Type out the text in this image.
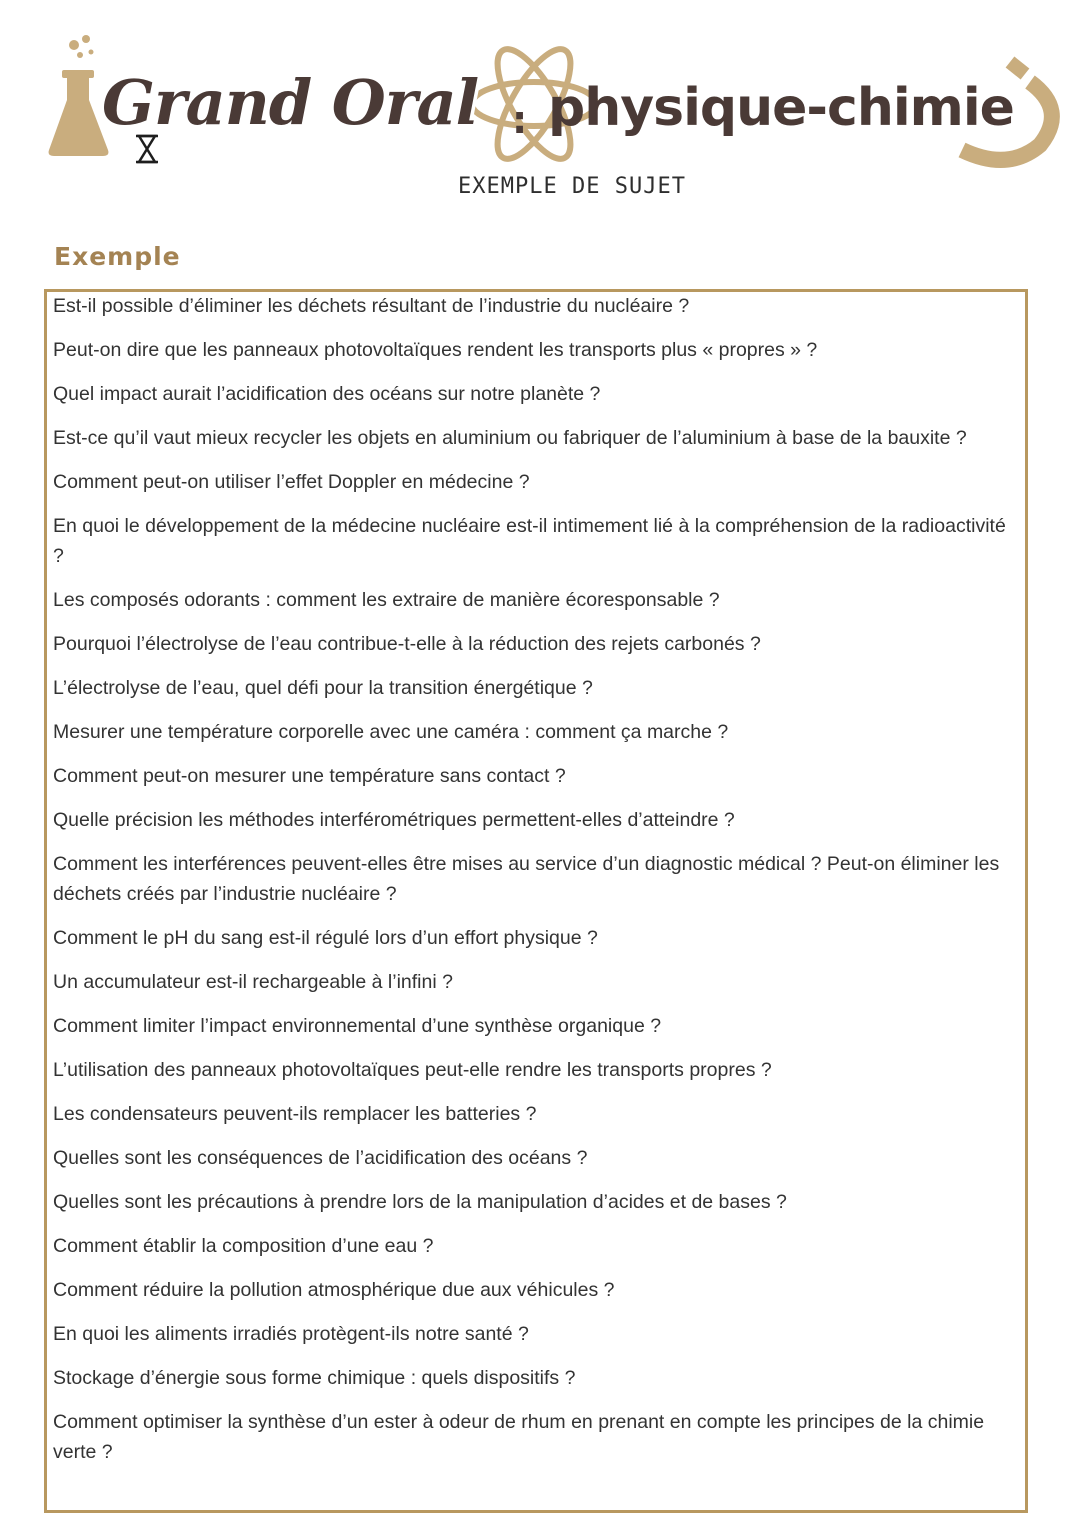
Grand Oral : physique-chimie
EXEMPLE DE SUJET
Exemple
Est-il possible d’éliminer les déchets résultant de l’industrie du nucléaire ?
Peut-on dire que les panneaux photovoltaïques rendent les transports plus « propres » ?
Quel impact aurait l’acidification des océans sur notre planète ?
Est-ce qu’il vaut mieux recycler les objets en aluminium ou fabriquer de l’aluminium à base de la bauxite ?
Comment peut-on utiliser l’effet Doppler en médecine ?
En quoi le développement de la médecine nucléaire est-il intimement lié à la compréhension de la radioactivité ?
Les composés odorants : comment les extraire de manière écoresponsable ?
Pourquoi l’électrolyse de l’eau contribue-t-elle à la réduction des rejets carbonés ?
L’électrolyse de l’eau, quel défi pour la transition énergétique ?
Mesurer une température corporelle avec une caméra : comment ça marche ?
Comment peut-on mesurer une température sans contact ?
Quelle précision les méthodes interférométriques permettent-elles d’atteindre ?
Comment les interférences peuvent-elles être mises au service d’un diagnostic médical ? Peut-on éliminer les déchets créés par l’industrie nucléaire ?
Comment le pH du sang est-il régulé lors d’un effort physique ?
Un accumulateur est-il rechargeable à l’infini ?
Comment limiter l’impact environnemental d’une synthèse organique ?
L’utilisation des panneaux photovoltaïques peut-elle rendre les transports propres ?
Les condensateurs peuvent-ils remplacer les batteries ?
Quelles sont les conséquences de l’acidification des océans ?
Quelles sont les précautions à prendre lors de la manipulation d’acides et de bases ?
Comment établir la composition d’une eau ?
Comment réduire la pollution atmosphérique due aux véhicules ?
En quoi les aliments irradiés protègent-ils notre santé ?
Stockage d’énergie sous forme chimique : quels dispositifs ?
Comment optimiser la synthèse d’un ester à odeur de rhum en prenant en compte les principes de la chimie verte ?
